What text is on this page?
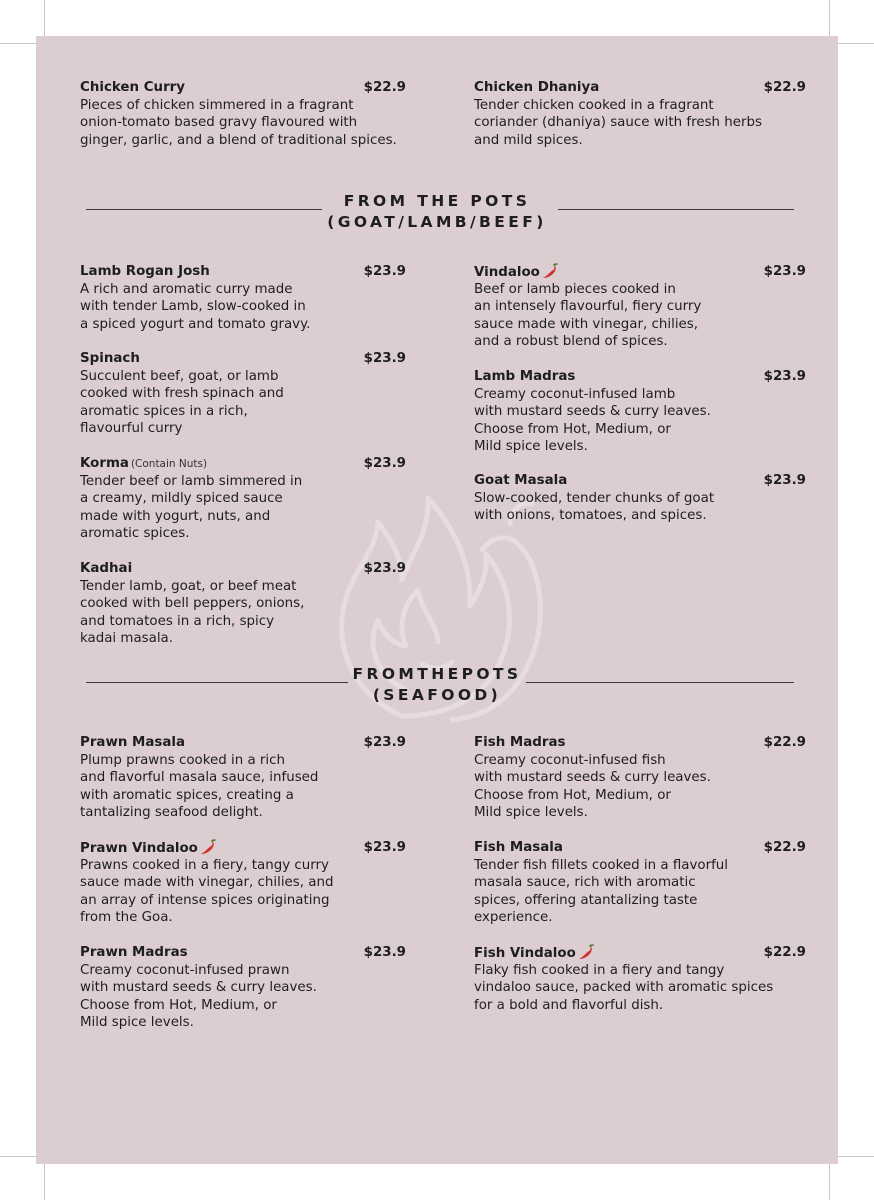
Chicken Curry	$22.9
Pieces of chicken simmered in a fragrant
onion-tomato based gravy flavoured with
ginger, garlic, and a blend of traditional spices.
Chicken Dhaniya	$22.9
Tender chicken cooked in a fragrant
coriander (dhaniya) sauce with fresh herbs
and mild spices.
FROM THE POTS
(GOAT/LAMB/BEEF)
Lamb Rogan Josh	$23.9
A rich and aromatic curry made
with tender Lamb, slow-cooked in
a spiced yogurt and tomato gravy.
Spinach	$23.9
Succulent beef, goat, or lamb
cooked with fresh spinach and
aromatic spices in a rich,
flavourful curry
Korma (Contain Nuts)	$23.9
Tender beef or lamb simmered in
a creamy, mildly spiced sauce
made with yogurt, nuts, and
aromatic spices.
Kadhai	$23.9
Tender lamb, goat, or beef meat
cooked with bell peppers, onions,
and tomatoes in a rich, spicy
kadai masala.
Vindaloo	$23.9
Beef or lamb pieces cooked in
an intensely flavourful, fiery curry
sauce made with vinegar, chilies,
and a robust blend of spices.
Lamb Madras	$23.9
Creamy coconut-infused lamb
with mustard seeds & curry leaves.
Choose from Hot, Medium, or
Mild spice levels.
Goat Masala	$23.9
Slow-cooked, tender chunks of goat
with onions, tomatoes, and spices.
FROMTHEPOTS
(SEAFOOD)
Prawn Masala	$23.9
Plump prawns cooked in a rich
and flavorful masala sauce, infused
with aromatic spices, creating a
tantalizing seafood delight.
Prawn Vindaloo	$23.9
Prawns cooked in a fiery, tangy curry
sauce made with vinegar, chilies, and
an array of intense spices originating
from the Goa.
Prawn Madras	$23.9
Creamy coconut-infused prawn
with mustard seeds & curry leaves.
Choose from Hot, Medium, or
Mild spice levels.
Fish Madras	$22.9
Creamy coconut-infused fish
with mustard seeds & curry leaves.
Choose from Hot, Medium, or
Mild spice levels.
Fish Masala	$22.9
Tender fish fillets cooked in a flavorful
masala sauce, rich with aromatic
spices, offering atantalizing taste
experience.
Fish Vindaloo	$22.9
Flaky fish cooked in a fiery and tangy
vindaloo sauce, packed with aromatic spices
for a bold and flavorful dish.
